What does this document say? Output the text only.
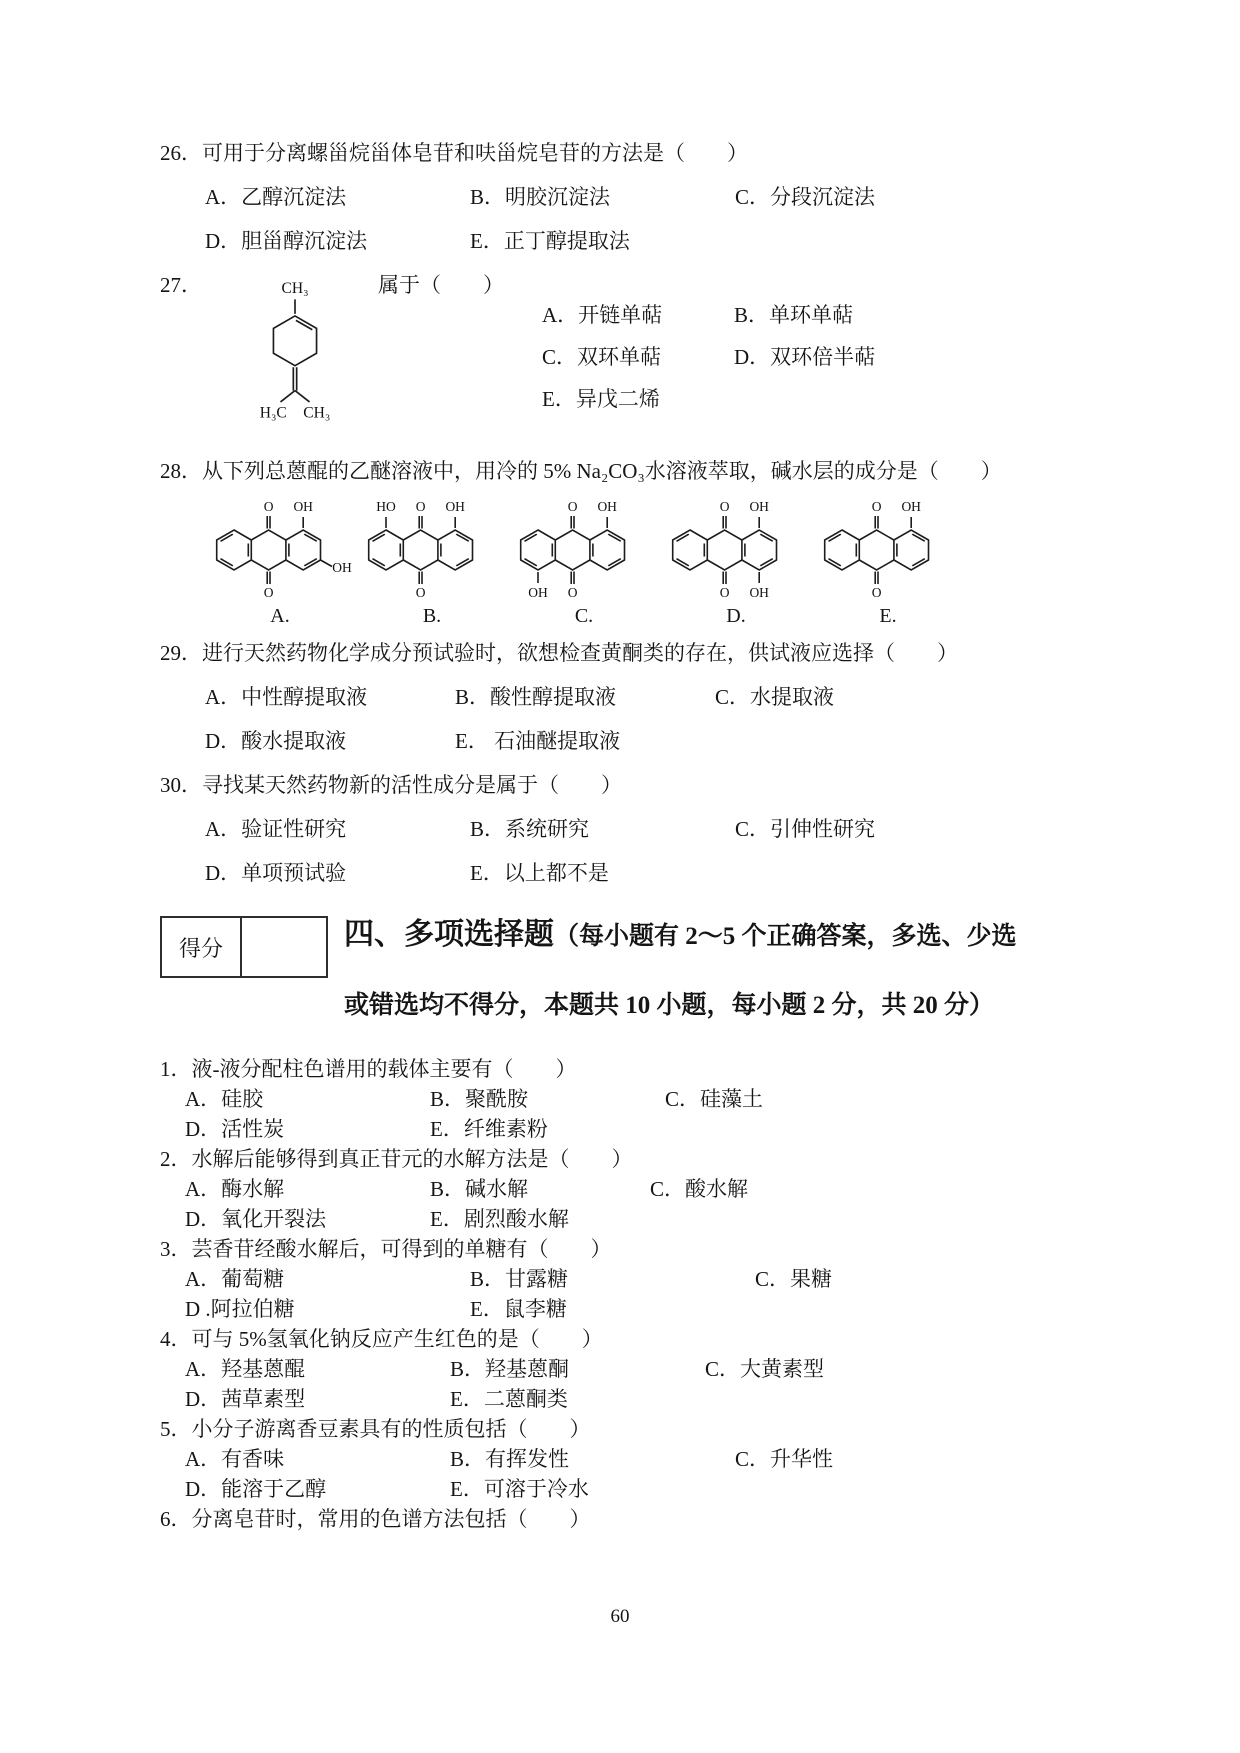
26．可用于分离螺甾烷甾体皂苷和呋甾烷皂苷的方法是（　　）
A．乙醇沉淀法	B．明胶沉淀法	C．分段沉淀法
D．胆甾醇沉淀法	E．正丁醇提取法
27．	CH₃
H₃C CH₃
属于（　　）
A．开链单萜	B．单环单萜
C．双环单萜	D．双环倍半萜
E．异戊二烯
28．从下列总蒽醌的乙醚溶液中，用冷的 5% Na₂CO₃水溶液萃取，碱水层的成分是（　　）
O OH
OH
O
A.
HO O OH
O
B.
O OH
OH O
C.
O OH
O OH
D.
O OH
O
E.
29．进行天然药物化学成分预试验时，欲想检查黄酮类的存在，供试液应选择（　　）
A．中性醇提取液	B．酸性醇提取液	C．水提取液
D．酸水提取液	E． 石油醚提取液
30．寻找某天然药物新的活性成分是属于（　　）
A．验证性研究	B．系统研究	C．引伸性研究
D．单项预试验	E．以上都不是
得分	四、多项选择题（每小题有 2～5 个正确答案，多选、少选
或错选均不得分，本题共 10 小题，每小题 2 分，共 20 分）
1．液-液分配柱色谱用的载体主要有（　　）
A．硅胶	B．聚酰胺	C．硅藻土
D．活性炭	E．纤维素粉
2．水解后能够得到真正苷元的水解方法是（　　）
A．酶水解	B．碱水解	C．酸水解
D．氧化开裂法	E．剧烈酸水解
3．芸香苷经酸水解后，可得到的单糖有（　　）
A．葡萄糖	B．甘露糖	C．果糖
D .阿拉伯糖	E．鼠李糖
4．可与 5%氢氧化钠反应产生红色的是（　　）
A．羟基蒽醌	B．羟基蒽酮	C．大黄素型
D．茜草素型	E．二蒽酮类
5．小分子游离香豆素具有的性质包括（　　）
A．有香味	B．有挥发性	C．升华性
D．能溶于乙醇	E．可溶于冷水
6．分离皂苷时，常用的色谱方法包括（　　）
60
